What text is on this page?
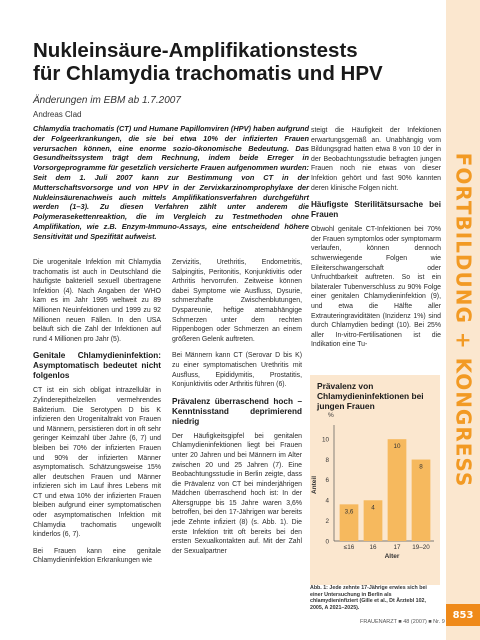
FORTBILDUNG + KONGRESS
853
Nukleinsäure-Amplifikationstests
für Chlamydia trachomatis und HPV
Änderungen im EBM ab 1.7.2007
Andreas Clad
Chlamydia trachomatis (CT) und Humane Papillomviren (HPV) haben aufgrund der Folgeerkrankungen, die sie bei etwa 10% der infizierten Frauen verursachen können, eine enorme sozio-ökonomische Bedeutung. Das Gesundheitssystem trägt dem Rechnung, indem beide Erreger in Vorsorgeprogramme für gesetzlich versicherte Frauen aufgenommen wurden: Seit dem 1. Juli 2007 kann zur Bestimmung von CT in der Mutterschaftsvorsorge und von HPV in der Zervixkarzinomprophylaxe der Nukleinsäurenachweis auch mittels Amplifikationsverfahren durchgeführt werden (1–3). Zu diesen Verfahren zählt unter anderem die Polymerasekettenreaktion, die im Vergleich zu Testmethoden ohne Amplifikation, wie z.B. Enzym-Immuno-Assays, eine entscheidend höhere Sensitivität und Spezifität aufweist.

Die urogenitale Infektion mit Chlamydia trachomatis ist auch in Deutschland die häufigste bakteriell sexuell übertragene Infektion (4). Nach Angaben der WHO kam es im Jahr 1995 weltweit zu 89 Millionen Neuinfektionen und 1999 zu 92 Millionen neuen Fällen. In den USA beläuft sich die Zahl der Infektionen auf rund 4 Millionen pro Jahr (5).

Genitale Chlamydieninfektion: Asymptomatisch bedeutet nicht folgenlos

CT ist ein sich obligat intrazellulär in Zylinderepithelzellen vermehrendes Bakterium. Die Serotypen D bis K infizieren den Urogenitaltrakt von Frauen und Männern, persistieren dort in oft sehr geringer Keimzahl über Jahre (6, 7) und bleiben bei 70% der infizierten Frauen und 90% der infizierten Männer asymptomatisch. Schätzungsweise 15% aller deutschen Frauen und Männer infizieren sich im Lauf ihres Lebens mit CT und etwa 10% der infizierten Frauen bleiben aufgrund einer symptomatischen oder asymptomatischen Infektion mit Chlamydia trachomatis ungewollt kinderlos (6, 7).

Bei Frauen kann eine genitale Chlamydieninfektion Erkrankungen wie

Zervizitis, Urethritis, Endometritis, Salpingitis, Peritonitis, Konjunktivitis oder Arthritis hervorrufen. Zeitweise können dabei Symptome wie Ausfluss, Dysurie, schmerzhafte Zwischenblutungen, Dyspareunie, heftige atemabhängige Schmerzen unter dem rechten Rippenbogen oder Schmerzen an einem größeren Gelenk auftreten.

Bei Männern kann CT (Serovar D bis K) zu einer symptomatischen Urethritis mit Ausfluss, Epididymitis, Prostatitis, Konjunktivitis oder Arthritis führen (6).

Prävalenz überraschend hoch – Kenntnisstand deprimierend niedrig

Der Häufigkeitsgipfel bei genitalen Chlamydieninfektionen liegt bei Frauen unter 20 Jahren und bei Männern im Alter zwischen 20 und 25 Jahren (7). Eine Beobachtungsstudie in Berlin zeigte, dass die Prävalenz von CT bei minderjährigen Mädchen überraschend hoch ist: In der Altersgruppe bis 15 Jahre waren 3,6% betroffen, bei den 17-Jährigen war bereits jede Zehnte infiziert (8) (s. Abb. 1). Die erste Infektion tritt oft bereits bei den ersten Sexualkontakten auf. Mit der Zahl der Sexualpartner

steigt die Häufigkeit der Infektionen erwartungsgemäß an. Unabhängig vom Bildungsgrad hatten etwa 8 von 10 der in der Beobachtungsstudie befragten jungen Frauen noch nie etwas von dieser Infektion gehört und fast 90% kannten deren klinische Folgen nicht.

Häufigste Sterilitätsursache bei Frauen

Obwohl genitale CT-Infektionen bei 70% der Frauen symptomlos oder symptomarm verlaufen, können dennoch schwerwiegende Folgen wie Eileiterschwangerschaft oder Unfruchtbarkeit auftreten. So ist ein bilateraler Tubenverschluss zu 90% Folge einer genitalen Chlamydieninfektion (9), und etwa die Hälfte aller Extrauteringraviditäten (Inzidenz 1%) sind durch Chlamydien bedingt (10). Bei 25% aller In-vitro-Fertilisationen ist die Indikation eine Tu-

Prävalenz von Chlamydieninfektionen bei jungen Frauen
%
0
2
4
6
8
10
Anteil
3,6
≤16
4
16
10
17
8
19–20
Alter
Abb. 1: Jede zehnte 17-Jährige erwies sich bei einer Untersuchung in Berlin als chlamydieninfiziert (Gille et al., Dt Ärztebl 102, 2005, A 2021–2025).
FRAUENARZT ■ 48 (2007) ■ Nr. 9
